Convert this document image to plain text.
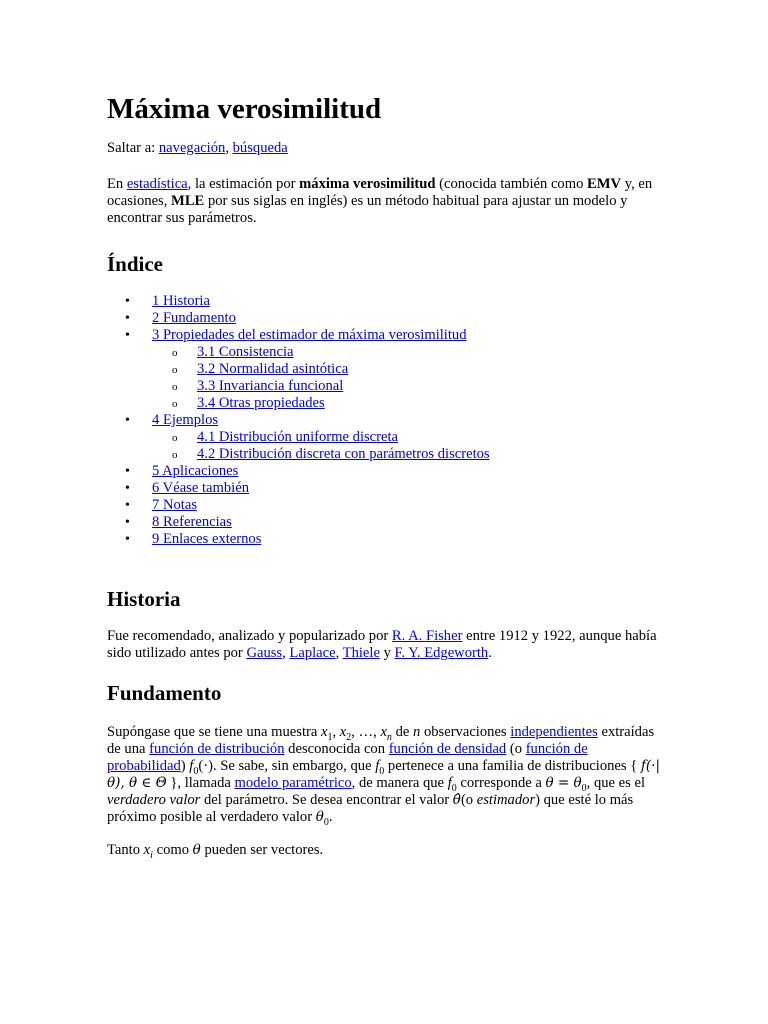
Máxima verosimilitud

Saltar a: navegación, búsqueda

En estadística, la estimación por máxima verosimilitud (conocida también como EMV y, en ocasiones, MLE por sus siglas en inglés) es un método habitual para ajustar un modelo y encontrar sus parámetros.

Índice
• 1 Historia
• 2 Fundamento
• 3 Propiedades del estimador de máxima verosimilitud
o 3.1 Consistencia
o 3.2 Normalidad asintótica
o 3.3 Invariancia funcional
o 3.4 Otras propiedades
• 4 Ejemplos
o 4.1 Distribución uniforme discreta
o 4.2 Distribución discreta con parámetros discretos
• 5 Aplicaciones
• 6 Véase también
• 7 Notas
• 8 Referencias
• 9 Enlaces externos
Historia

Fue recomendado, analizado y popularizado por R. A. Fisher entre 1912 y 1922, aunque había sido utilizado antes por Gauss, Laplace, Thiele y F. Y. Edgeworth.

Fundamento

Supóngase que se tiene una muestra $x_1$, $x_2$, …, $x_n$ de n observaciones independientes extraídas de una función de distribución desconocida con función de densidad (o función de probabilidad) $f_0(\cdot)$. Se sabe, sin embargo, que $f_0$ pertenece a una familia de distribuciones { f(·|θ), θ ∈ Θ }, llamada modelo paramétrico, de manera que $f_0$ corresponde a $\theta = \theta_0$, que es el verdadero valor del parámetro. Se desea encontrar el valor θ̂(o estimador) que esté lo más próximo posible al verdadero valor $\theta_0$.

Tanto $x_i$ como θ pueden ser vectores.
